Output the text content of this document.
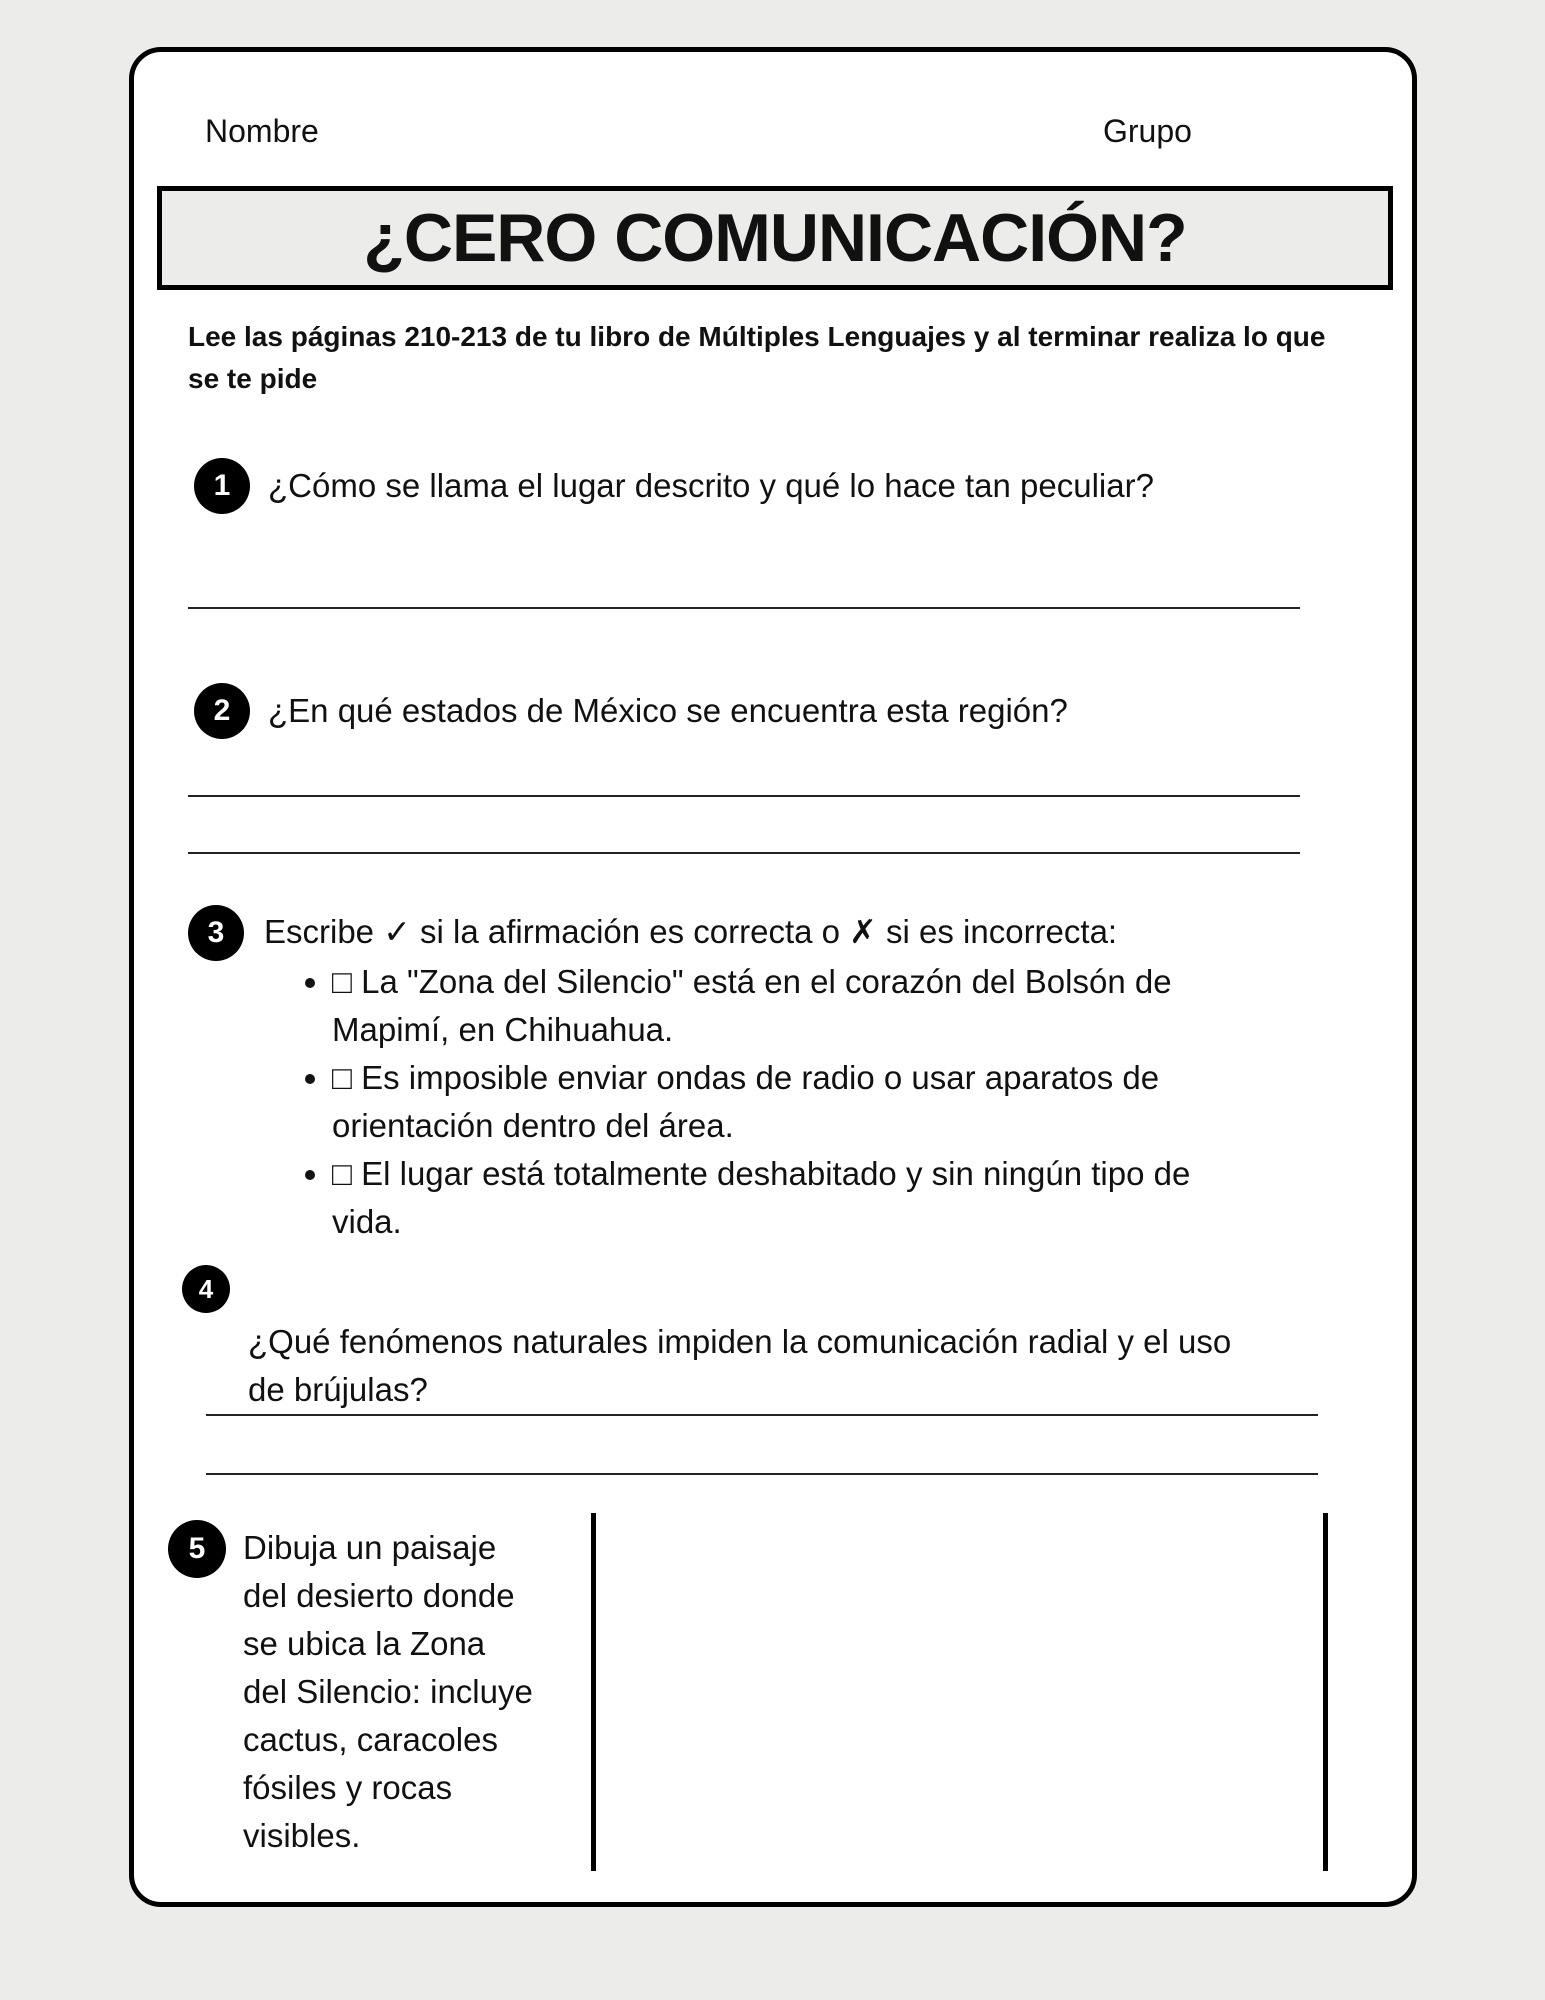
Nombre	Grupo
¿CERO COMUNICACIÓN?
Lee las páginas 210-213 de tu libro de Múltiples Lenguajes y al terminar realiza lo que se te pide
1	¿Cómo se llama el lugar descrito y qué lo hace tan peculiar?
2	¿En qué estados de México se encuentra esta región?
3	Escribe ✓ si la afirmación es correcta o ✗ si es incorrecta:
• □ La "Zona del Silencio" está en el corazón del Bolsón de Mapimí, en Chihuahua.
• □ Es imposible enviar ondas de radio o usar aparatos de orientación dentro del área.
• □ El lugar está totalmente deshabitado y sin ningún tipo de vida.
4
¿Qué fenómenos naturales impiden la comunicación radial y el uso de brújulas?
5	Dibuja un paisaje
del desierto donde
se ubica la Zona
del Silencio: incluye
cactus, caracoles
fósiles y rocas
visibles.
